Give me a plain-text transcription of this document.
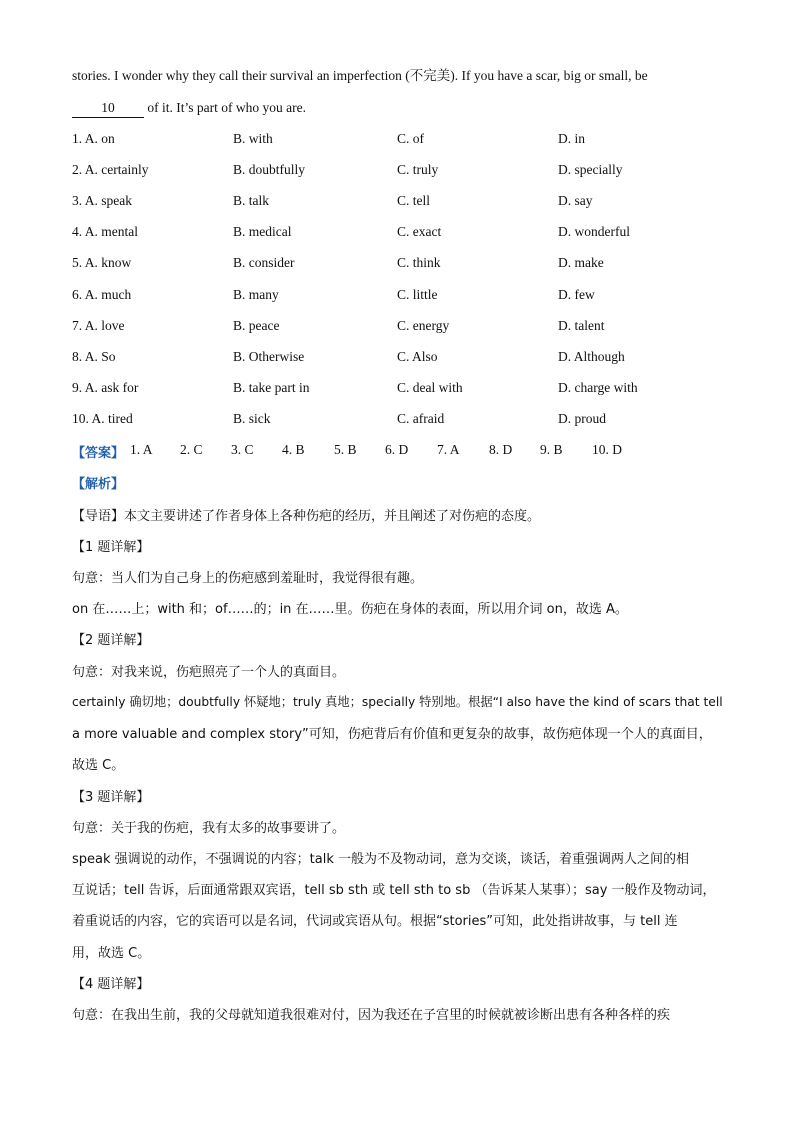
stories. I wonder why they call their survival an imperfection (不完美). If you have a scar, big or small, be
10 of it. It’s part of who you are.
1. A. on	B. with	C. of	D. in
2. A. certainly	B. doubtfully	C. truly	D. specially
3. A. speak	B. talk	C. tell	D. say
4. A. mental	B. medical	C. exact	D. wonderful
5. A. know	B. consider	C. think	D. make
6. A. much	B. many	C. little	D. few
7. A. love	B. peace	C. energy	D. talent
8. A. So	B. Otherwise	C. Also	D. Although
9. A. ask for	B. take part in	C. deal with	D. charge with
10. A. tired	B. sick	C. afraid	D. proud
【答案】 1. A 2. C 3. C 4. B 5. B 6. D 7. A 8. D 9. B 10. D
【解析】
【导语】本文主要讲述了作者身体上各种伤疤的经历，并且阐述了对伤疤的态度。
【1 题详解】
句意：当人们为自己身上的伤疤感到羞耻时，我觉得很有趣。
on 在……上；with 和；of……的；in 在……里。伤疤在身体的表面，所以用介词 on，故选 A。
【2 题详解】
句意：对我来说，伤疤照亮了一个人的真面目。
certainly 确切地；doubtfully 怀疑地；truly 真地；specially 特别地。根据“I also have the kind of scars that tell
a more valuable and complex story”可知，伤疤背后有价值和更复杂的故事，故伤疤体现一个人的真面目，
故选 C。
【3 题详解】
句意：关于我的伤疤，我有太多的故事要讲了。
speak 强调说的动作，不强调说的内容；talk 一般为不及物动词，意为交谈，谈话，着重强调两人之间的相
互说话；tell 告诉，后面通常跟双宾语，tell sb sth 或 tell sth to sb （告诉某人某事）；say 一般作及物动词，
着重说话的内容，它的宾语可以是名词，代词或宾语从句。根据“stories”可知，此处指讲故事，与 tell 连
用，故选 C。
【4 题详解】
句意：在我出生前，我的父母就知道我很难对付，因为我还在子宫里的时候就被诊断出患有各种各样的疾
